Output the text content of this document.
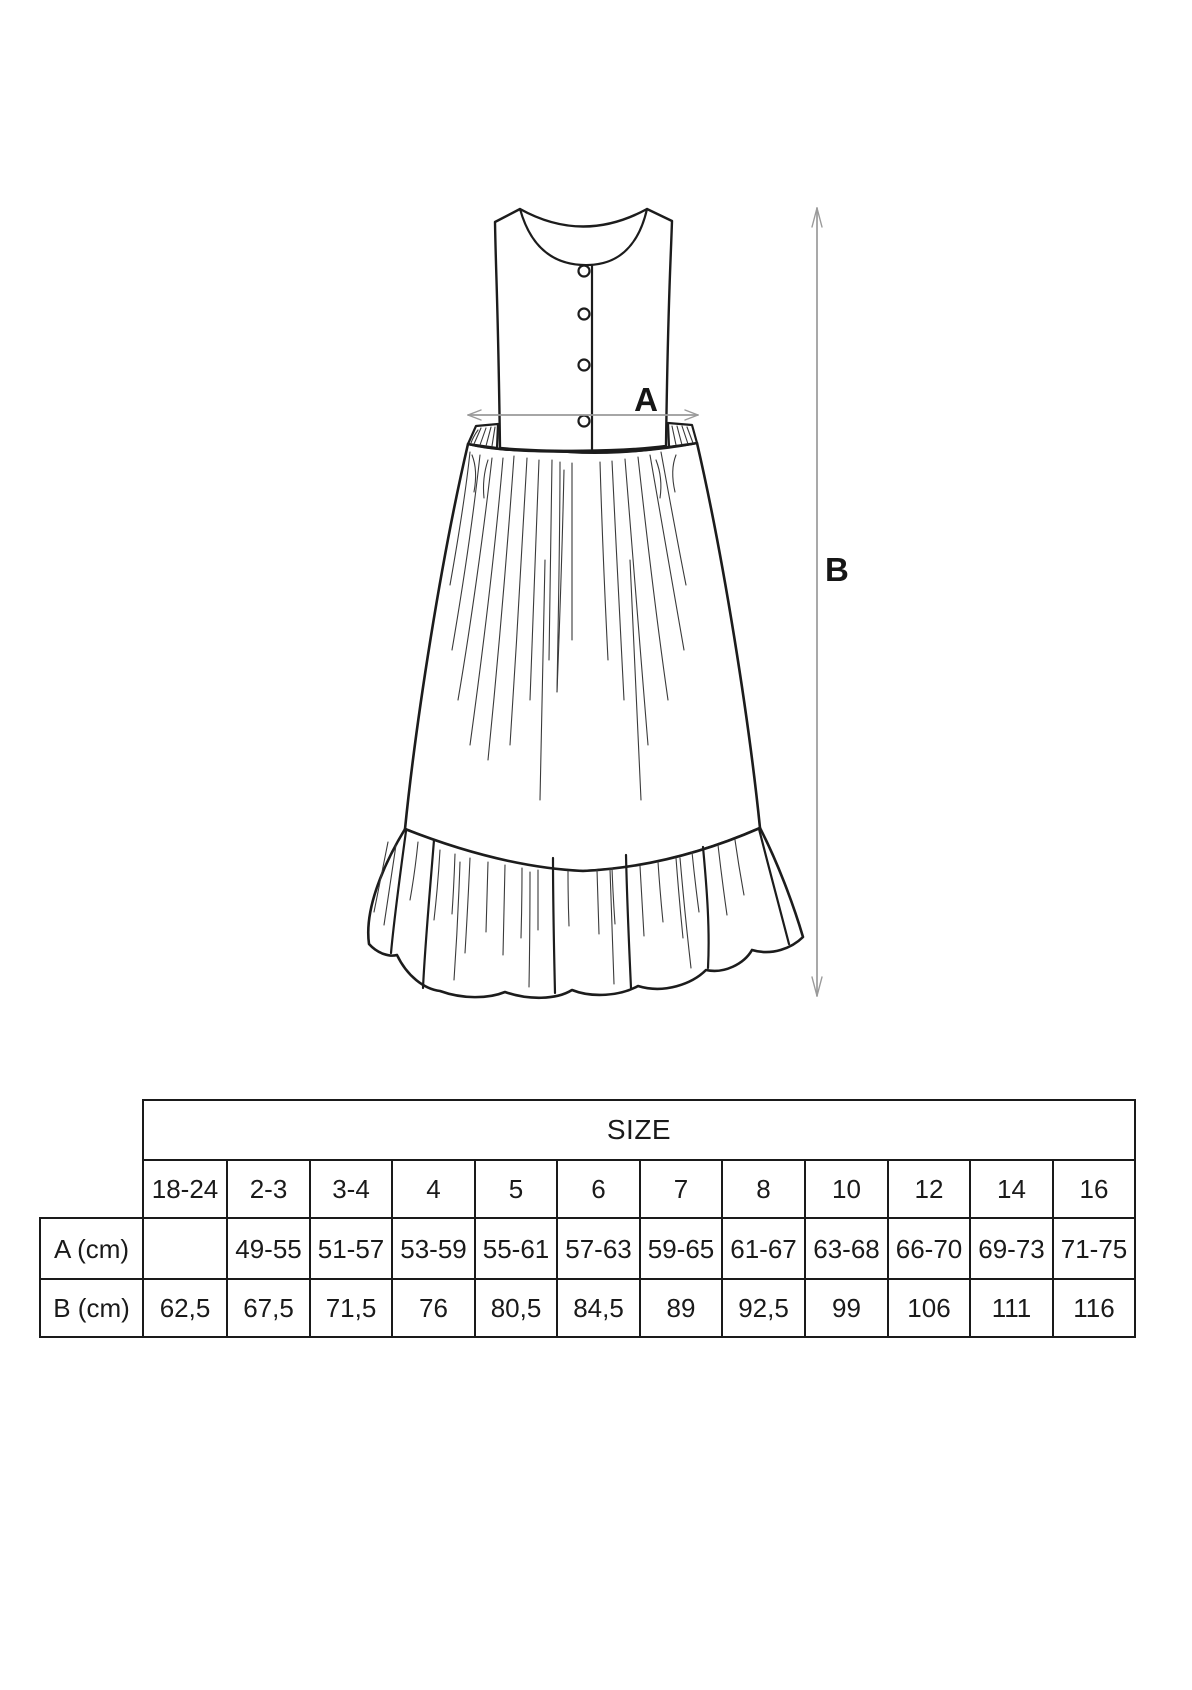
A
B
	SIZE											
	18-24	2-3	3-4	4	5	6	7	8	10	12	14	16
A (cm)		49-55	51-57	53-59	55-61	57-63	59-65	61-67	63-68	66-70	69-73	71-75
B (cm)	62,5	67,5	71,5	76	80,5	84,5	89	92,5	99	106	111	116
